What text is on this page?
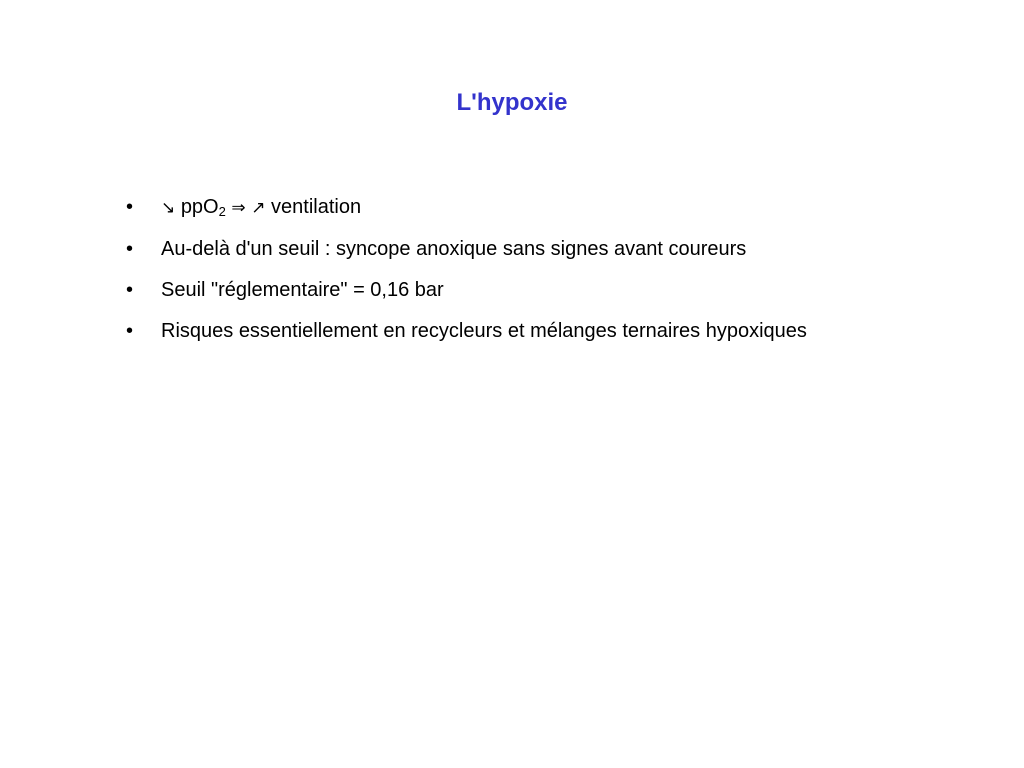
L'hypoxie
•	↘ ppO$_2$ ⇒ ↗ ventilation
•	Au-delà d'un seuil : syncope anoxique sans signes avant coureurs
•	Seuil "réglementaire" = 0,16 bar
•	Risques essentiellement en recycleurs et mélanges ternaires hypoxiques
